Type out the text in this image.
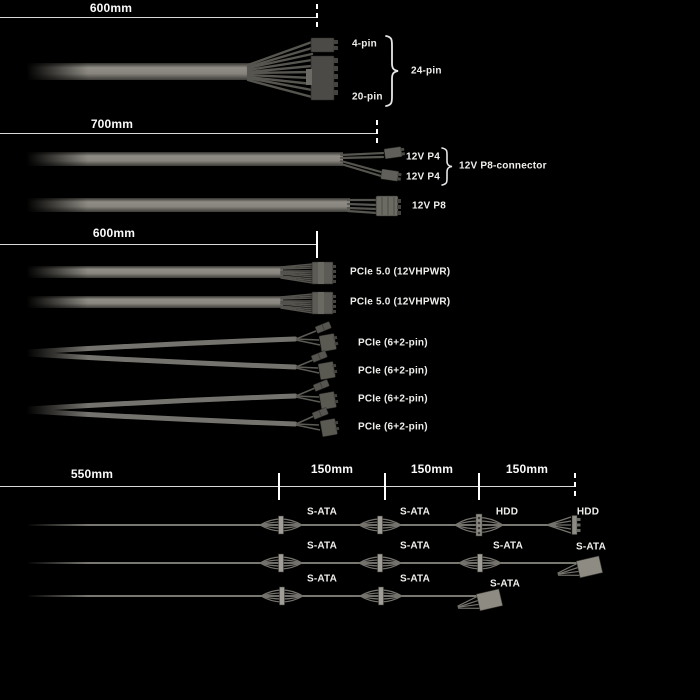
600mm
4-pin
20-pin
24-pin
700mm
12V P4
12V P4
12V P8-connector
12V P8
600mm
PCIe 5.0 (12VHPWR)
PCIe 5.0 (12VHPWR)
PCIe (6+2-pin)
PCIe (6+2-pin)
PCIe (6+2-pin)
PCIe (6+2-pin)
550mm	150mm	150mm	150mm
S-ATA	S-ATA	HDD	HDD
S-ATA	S-ATA	S-ATA	S-ATA
S-ATA	S-ATA	S-ATA
